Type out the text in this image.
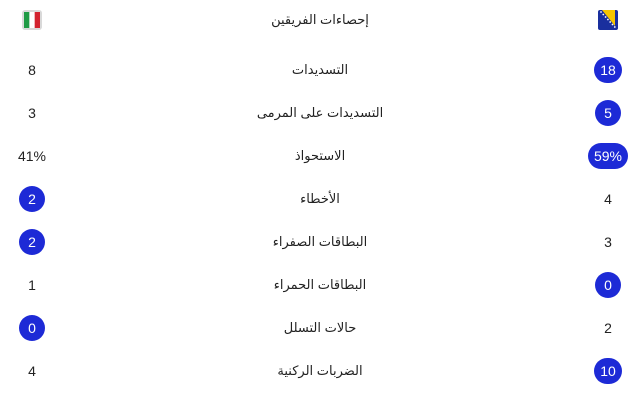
إحصاءات الفريقين
8	التسديدات	18
3	التسديدات على المرمى	5
41%	الاستحواذ	59%
2	الأخطاء	4
2	البطاقات الصفراء	3
1	البطاقات الحمراء	0
0	حالات التسلل	2
4	الضربات الركنية	10
